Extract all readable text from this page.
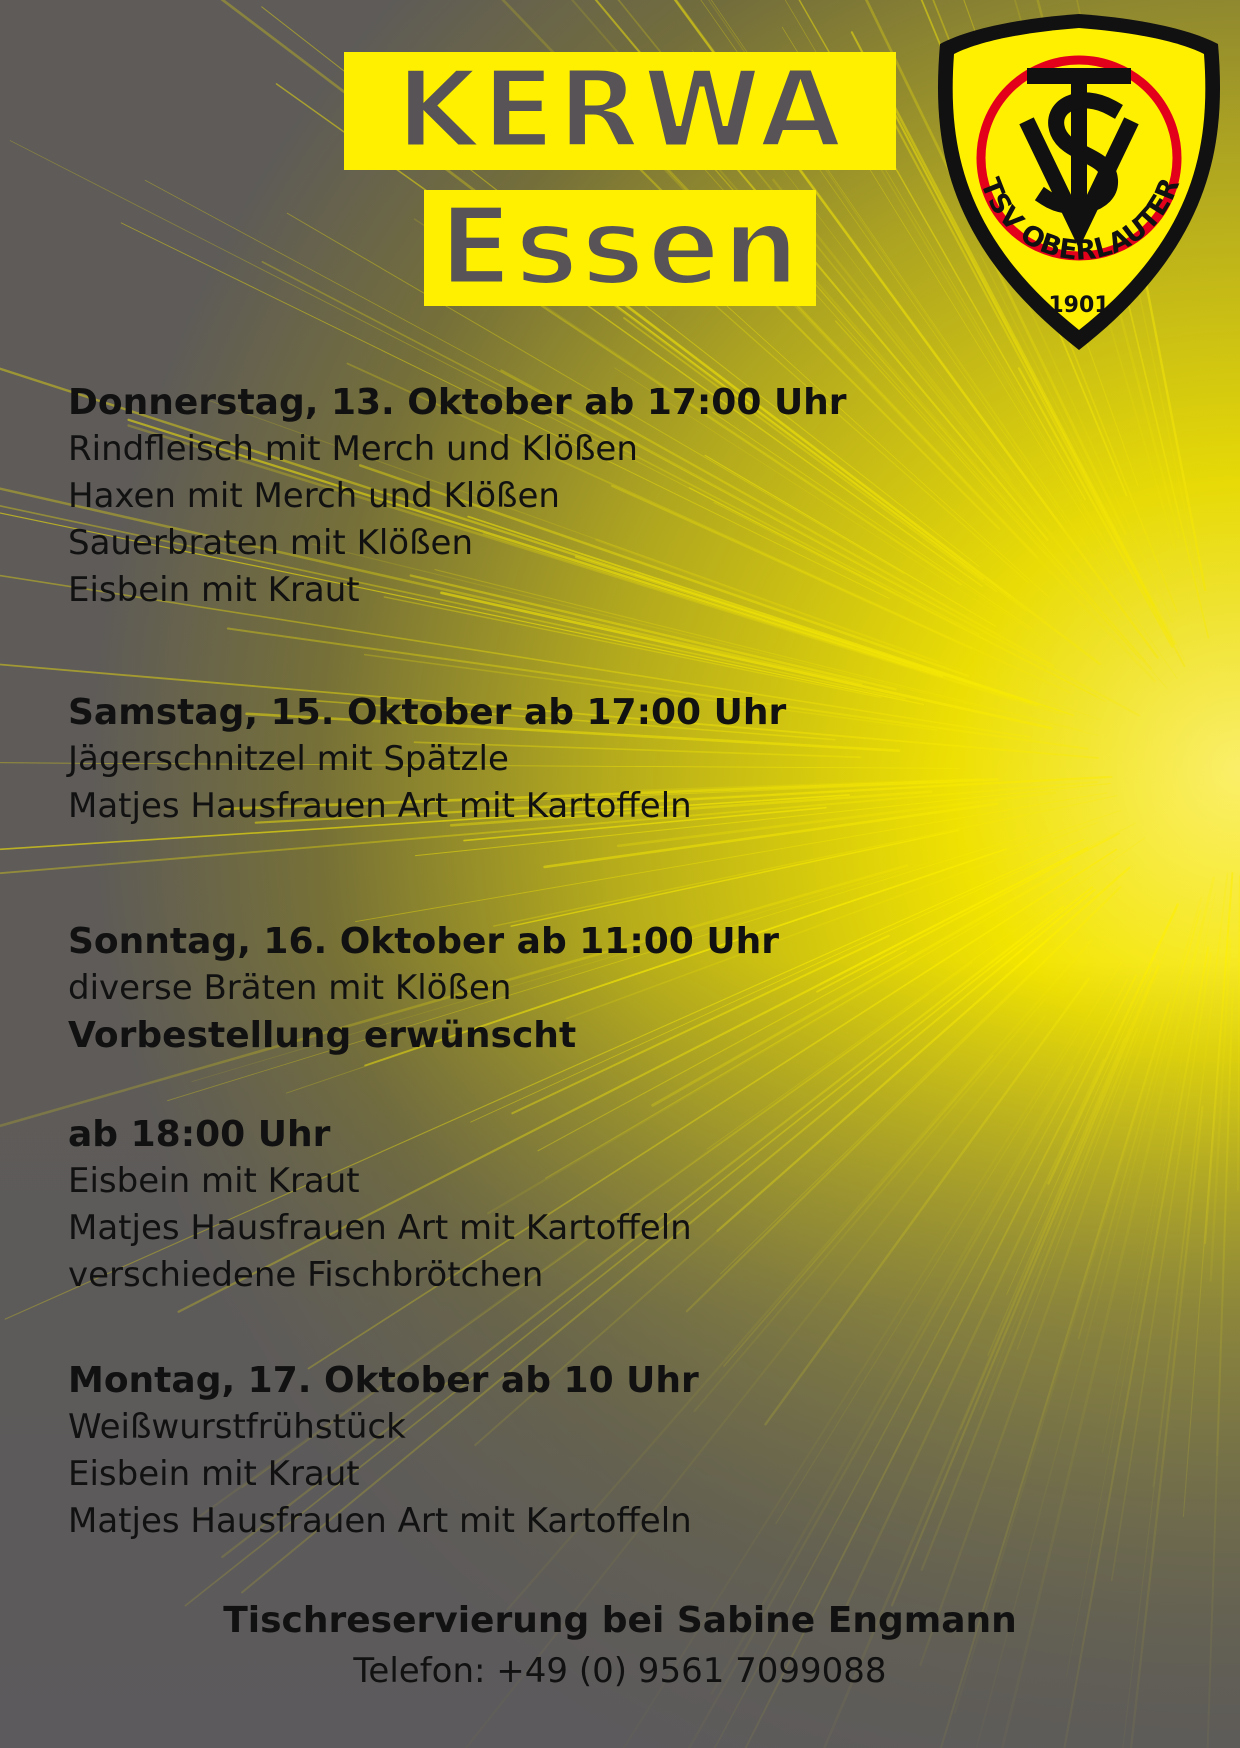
KERWA
Essen	TSV OBERLAUTER
1901
Donnerstag, 13. Oktober ab 17:00 Uhr
Rindfleisch mit Merch und Klößen
Haxen mit Merch und Klößen
Sauerbraten mit Klößen
Eisbein mit Kraut
Samstag, 15. Oktober ab 17:00 Uhr
Jägerschnitzel mit Spätzle
Matjes Hausfrauen Art mit Kartoffeln
Sonntag, 16. Oktober ab 11:00 Uhr
diverse Bräten mit Klößen
Vorbestellung erwünscht
ab 18:00 Uhr
Eisbein mit Kraut
Matjes Hausfrauen Art mit Kartoffeln
verschiedene Fischbrötchen
Montag, 17. Oktober ab 10 Uhr
Weißwurstfrühstück
Eisbein mit Kraut
Matjes Hausfrauen Art mit Kartoffeln
Tischreservierung bei Sabine Engmann
Telefon: +49 (0) 9561 7099088
